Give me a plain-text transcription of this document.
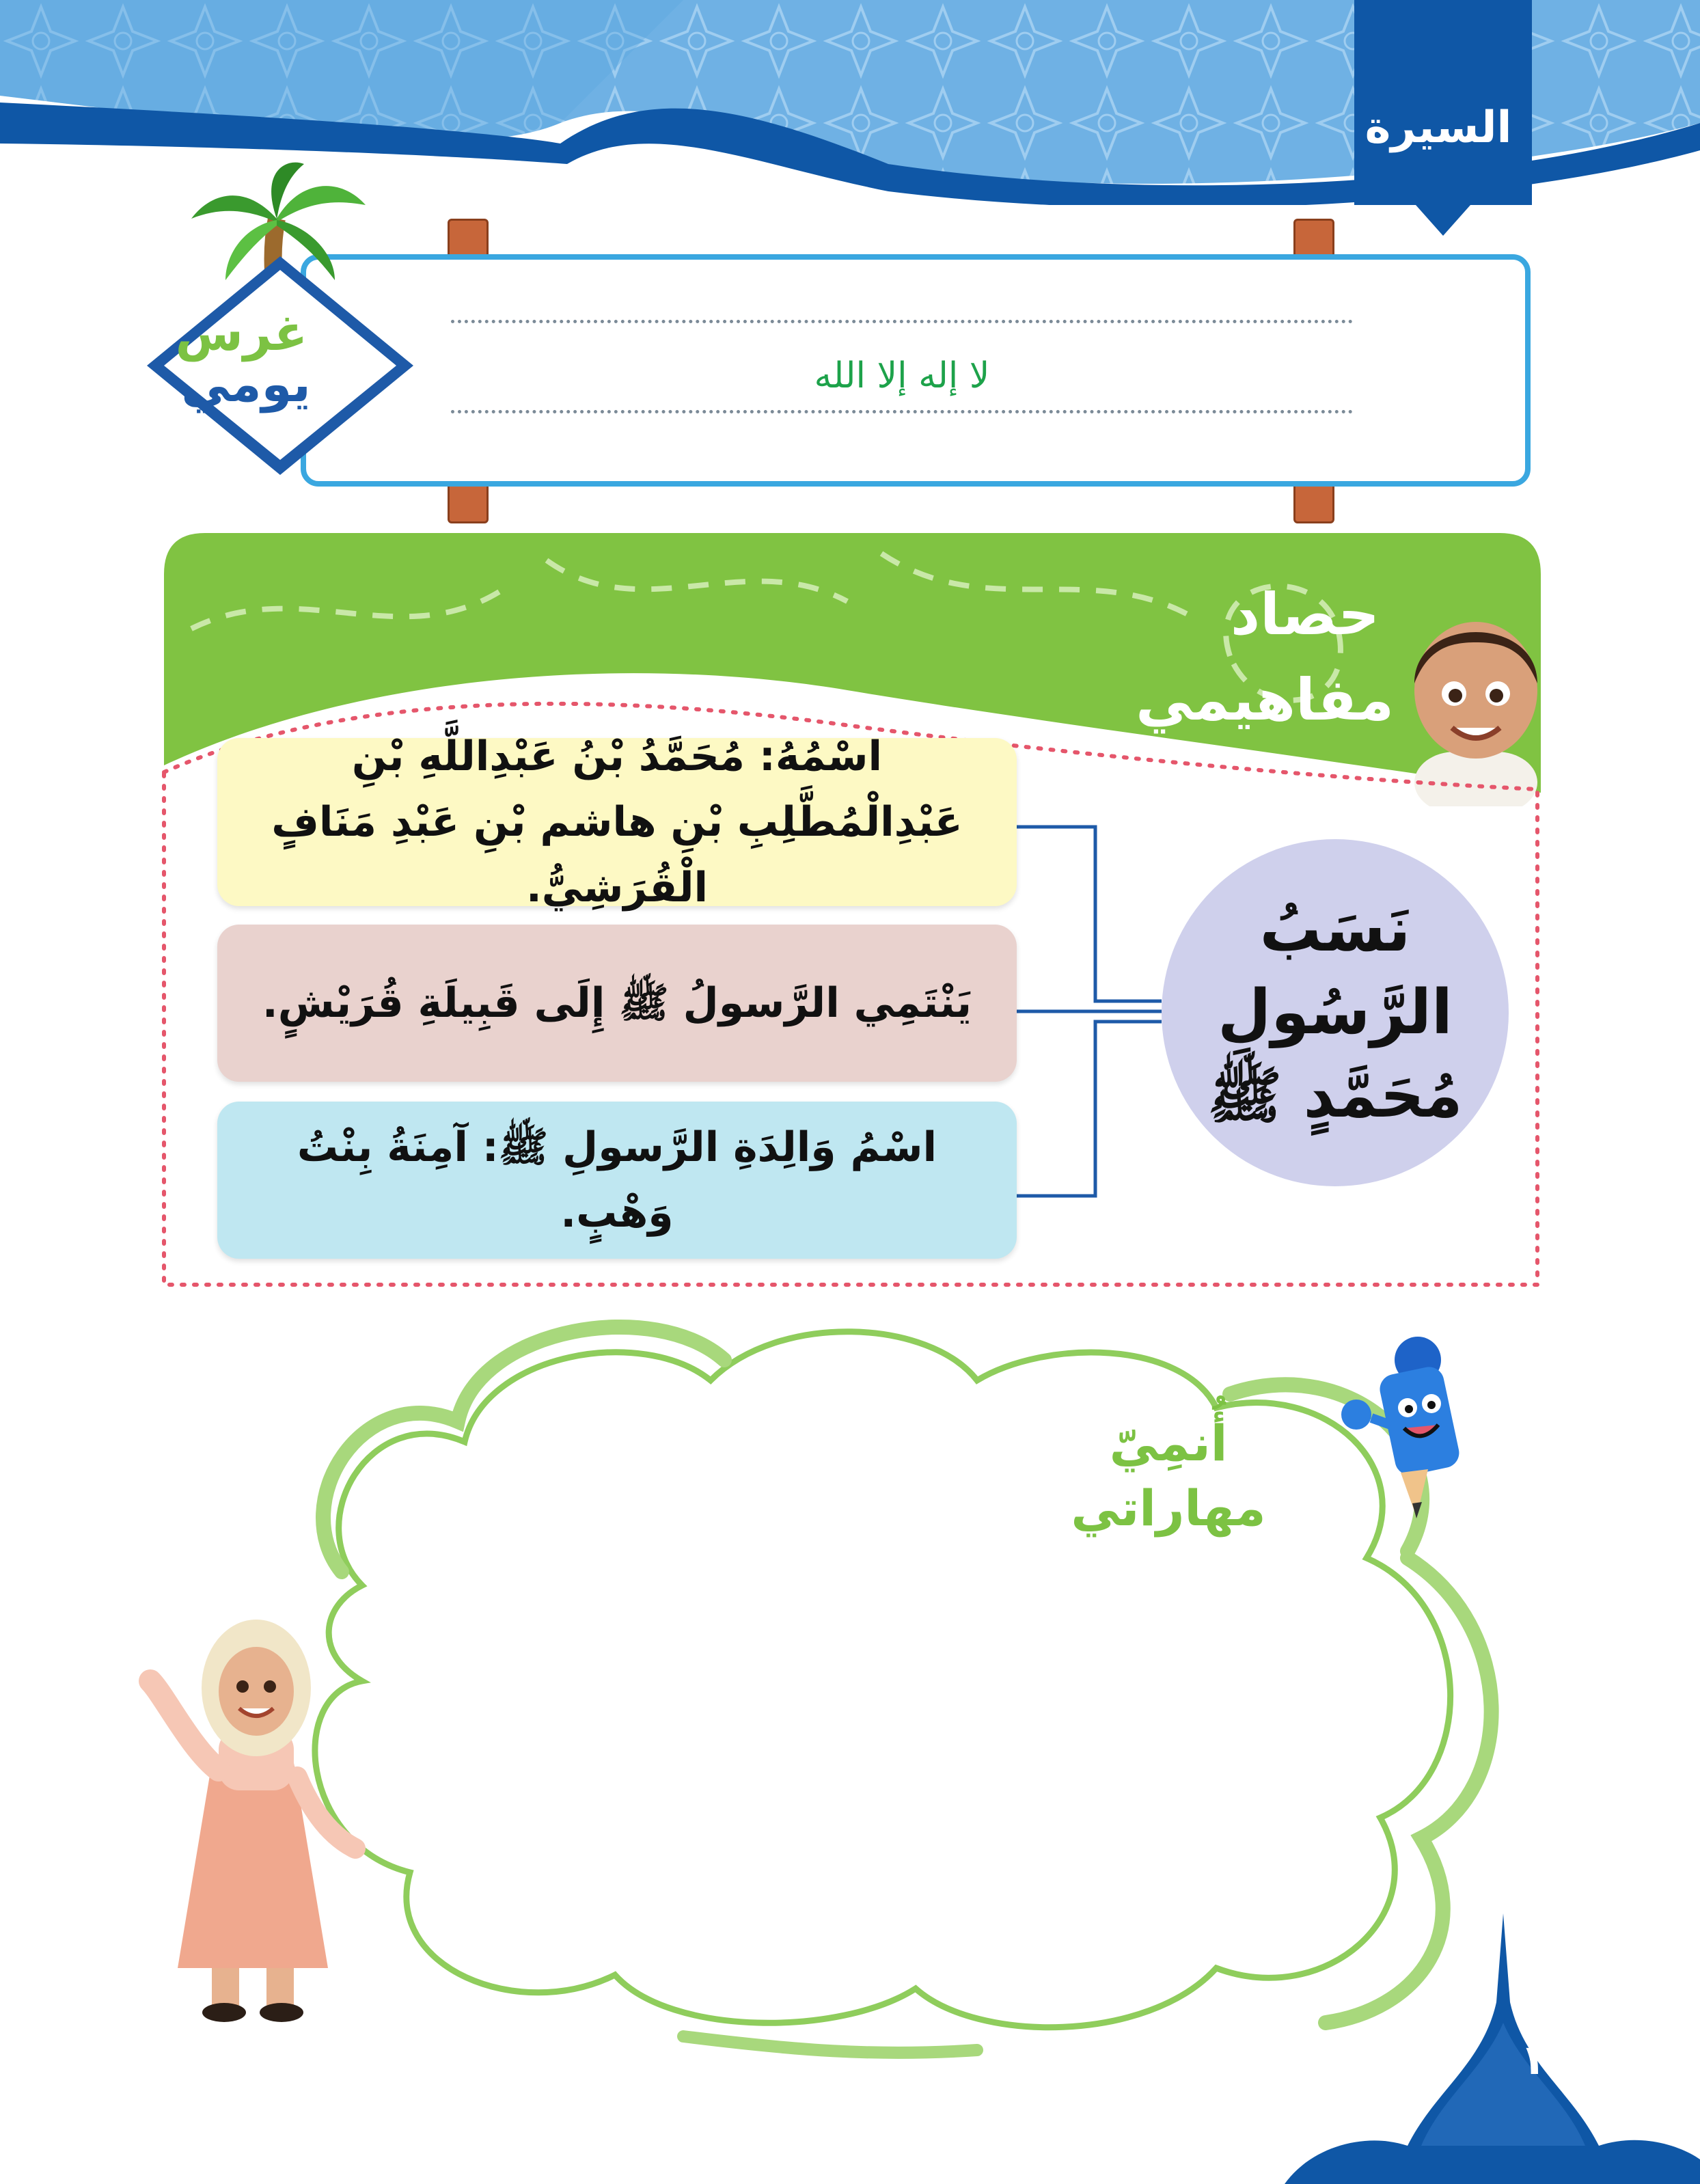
السيرة
لا إله إلا الله
غرس
يومي
حصاد
مفاهيمي
اسْمُهُ: مُحَمَّدُ بْنُ عَبْدِاللَّهِ بْنِ عَبْدِالْمُطَّلِبِ بْنِ هاشم بْنِ عَبْدِ مَنَافٍ الْقُرَشِيُّ.
يَنْتَمِي الرَّسولُ ﷺ إِلَى قَبِيلَةِ قُرَيْشٍ.
اسْمُ وَالِدَةِ الرَّسولِ ﷺ: آمِنَةُ بِنْتُ وَهْبٍ.
نَسَبُ
الرَّسُولِ
مُحَمَّدٍ ﷺ
أُنمِيّ
مهاراتي
١٥٢
